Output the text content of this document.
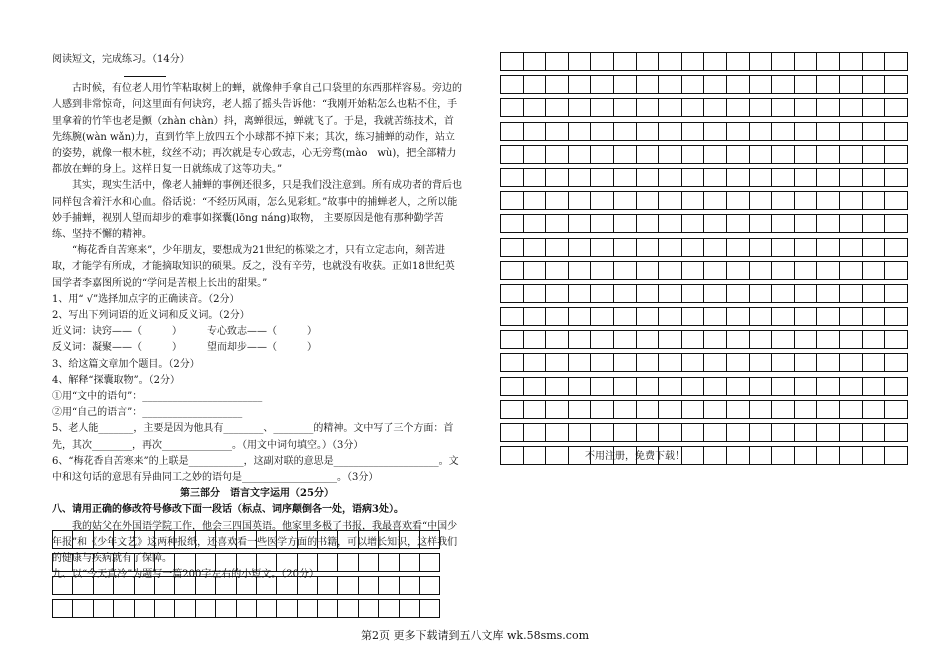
阅读短文，完成练习。（14分）

古时候，有位老人用竹竿粘取树上的蝉，就像伸手拿自己口袋里的东西那样容易。旁边的人感到非常惊奇，问这里面有何诀窍，老人摇了摇头告诉他：“我刚开始粘怎么也粘不住，手里拿着的竹竿也老是颤（zhàn chàn）抖，离蝉很远，蝉就飞了。于是，我就苦练技术，首先练腕(wàn wǎn)力，直到竹竿上放四五个小球都不掉下来；其次，练习捕蝉的动作，站立的姿势，就像一根木桩，纹丝不动；再次就是专心致志，心无旁骛(mào　wù)，把全部精力都放在蝉的身上。这样日复一日就练成了这等功夫。”

其实，现实生活中，像老人捕蝉的事例还很多，只是我们没注意到。所有成功者的背后也同样包含着汗水和心血。俗话说：“不经历风雨，怎么见彩虹。”故事中的捕蝉老人，之所以能妙手捕蝉，视别人望而却步的难事如探囊(lōng náng)取物， 主要原因是他有那种勤学苦练、坚持不懈的精神。

“梅花香自苦寒来”，少年朋友，要想成为21世纪的栋梁之才，只有立定志向，刻苦进取，才能学有所成，才能摘取知识的硕果。反之，没有辛劳，也就没有收获。正如18世纪英国学者李嘉图所说的“学问是苦根上长出的甜果。”

1、用“ √”选择加点字的正确读音。（2分）

2、写出下列词语的近义词和反义词。（2分）

近义词：诀窍——（　　　）　　　专心致志——（　　　）

反义词：凝聚——（　　　）　　　望而却步——（　　　）

3、给这篇文章加个题目。（2分）

4、解释“探囊取物”。（2分）

①用“文中的语句”：________________________

②用“自己的语言”：____________________

5、老人能_______，主要是因为他具有________、________的精神。文中写了三个方面：首先，其次________，再次______________。（用文中词句填空。）（3分）

6、“梅花香自苦寒来”的上联是___________，这副对联的意思是_____________________。文中和这句话的意思有异曲同工之妙的语句是___________________。（3分）

第三部分　语言文字运用（25分）

八、请用正确的修改符号修改下面一段话（标点、词序颠倒各一处，语病3处）。

我的姑父在外国语学院工作，他会三四国英语。他家里多极了书报，我最喜欢看“中国少年报”和《少年文艺》这两种报纸，还喜欢看一些医学方面的书籍，可以增长知识，这样我们的健康与疾病就有了保障。

九、以“今天真冷”为题写一篇200字左右的小短文。（20分）

不用注册，免费下载！
第2页 更多下载请到五八文库 wk.58sms.com
